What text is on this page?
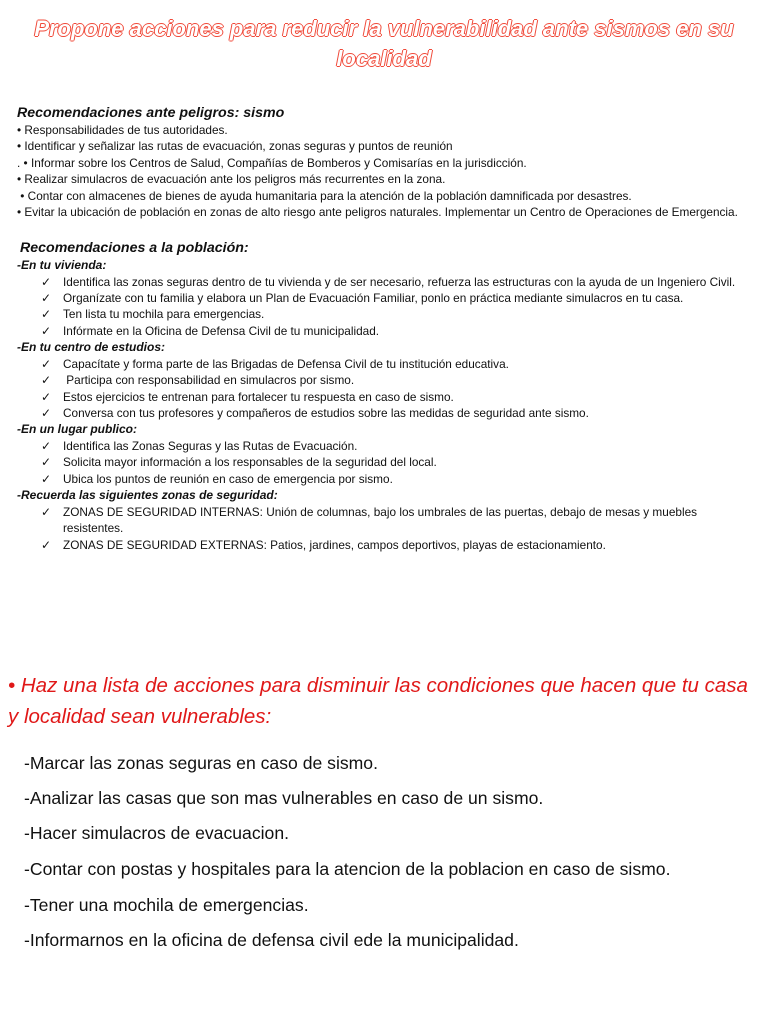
Propone acciones para reducir la vulnerabilidad ante sismos en su localidad
Recomendaciones ante peligros: sismo
• Responsabilidades de tus autoridades.
• Identificar y señalizar las rutas de evacuación, zonas seguras y puntos de reunión
. • Informar sobre los Centros de Salud, Compañías de Bomberos y Comisarías en la jurisdicción.
• Realizar simulacros de evacuación ante los peligros más recurrentes en la zona.
• Contar con almacenes de bienes de ayuda humanitaria para la atención de la población damnificada por desastres.
• Evitar la ubicación de población en zonas de alto riesgo ante peligros naturales. Implementar un Centro de Operaciones de Emergencia.
Recomendaciones a la población:
-En tu vivienda:
✓	Identifica las zonas seguras dentro de tu vivienda y de ser necesario, refuerza las estructuras con la ayuda de un Ingeniero Civil.
✓	Organízate con tu familia y elabora un Plan de Evacuación Familiar, ponlo en práctica mediante simulacros en tu casa.
✓	Ten lista tu mochila para emergencias.
✓	Infórmate en la Oficina de Defensa Civil de tu municipalidad.
-En tu centro de estudios:
✓	Capacítate y forma parte de las Brigadas de Defensa Civil de tu institución educativa.
✓	Participa con responsabilidad en simulacros por sismo.
✓	Estos ejercicios te entrenan para fortalecer tu respuesta en caso de sismo.
✓	Conversa con tus profesores y compañeros de estudios sobre las medidas de seguridad ante sismo.
-En un lugar publico:
✓	Identifica las Zonas Seguras y las Rutas de Evacuación.
✓	Solicita mayor información a los responsables de la seguridad del local.
✓	Ubica los puntos de reunión en caso de emergencia por sismo.
-Recuerda las siguientes zonas de seguridad:
✓	ZONAS DE SEGURIDAD INTERNAS: Unión de columnas, bajo los umbrales de las puertas, debajo de mesas y muebles resistentes.
✓	ZONAS DE SEGURIDAD EXTERNAS: Patios, jardines, campos deportivos, playas de estacionamiento.
• Haz una lista de acciones para disminuir las condiciones que hacen que tu casa y localidad sean vulnerables:
-Marcar las zonas seguras en caso de sismo.
-Analizar las casas que son mas vulnerables en caso de un sismo.
-Hacer simulacros de evacuacion.
-Contar con postas y hospitales para la atencion de la poblacion en caso de sismo.
-Tener una mochila de emergencias.
-Informarnos en la oficina de defensa civil ede la municipalidad.
